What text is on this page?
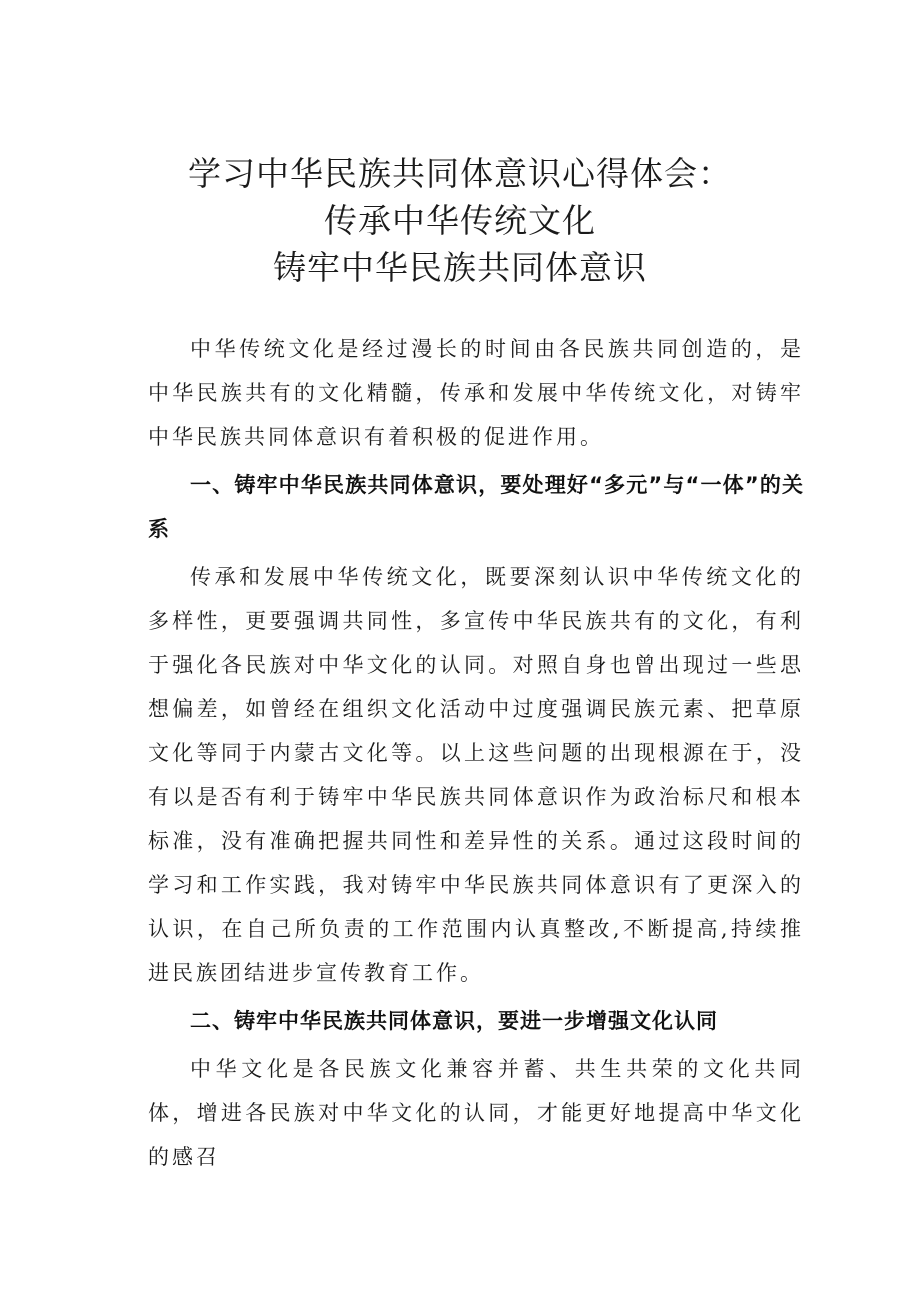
学习中华民族共同体意识心得体会：
传承中华传统文化
铸牢中华民族共同体意识

中华传统文化是经过漫长的时间由各民族共同创造的，是中华民族共有的文化精髓，传承和发展中华传统文化，对铸牢中华民族共同体意识有着积极的促进作用。

一、铸牢中华民族共同体意识，要处理好“多元”与“一体”的关系

传承和发展中华传统文化，既要深刻认识中华传统文化的多样性，更要强调共同性，多宣传中华民族共有的文化，有利于强化各民族对中华文化的认同。对照自身也曾出现过一些思想偏差，如曾经在组织文化活动中过度强调民族元素、把草原文化等同于内蒙古文化等。以上这些问题的出现根源在于，没有以是否有利于铸牢中华民族共同体意识作为政治标尺和根本标准，没有准确把握共同性和差异性的关系。通过这段时间的学习和工作实践，我对铸牢中华民族共同体意识有了更深入的认识，在自己所负责的工作范围内认真整改,不断提高,持续推进民族团结进步宣传教育工作。

二、铸牢中华民族共同体意识，要进一步增强文化认同

中华文化是各民族文化兼容并蓄、共生共荣的文化共同体，增进各民族对中华文化的认同，才能更好地提高中华文化的感召
